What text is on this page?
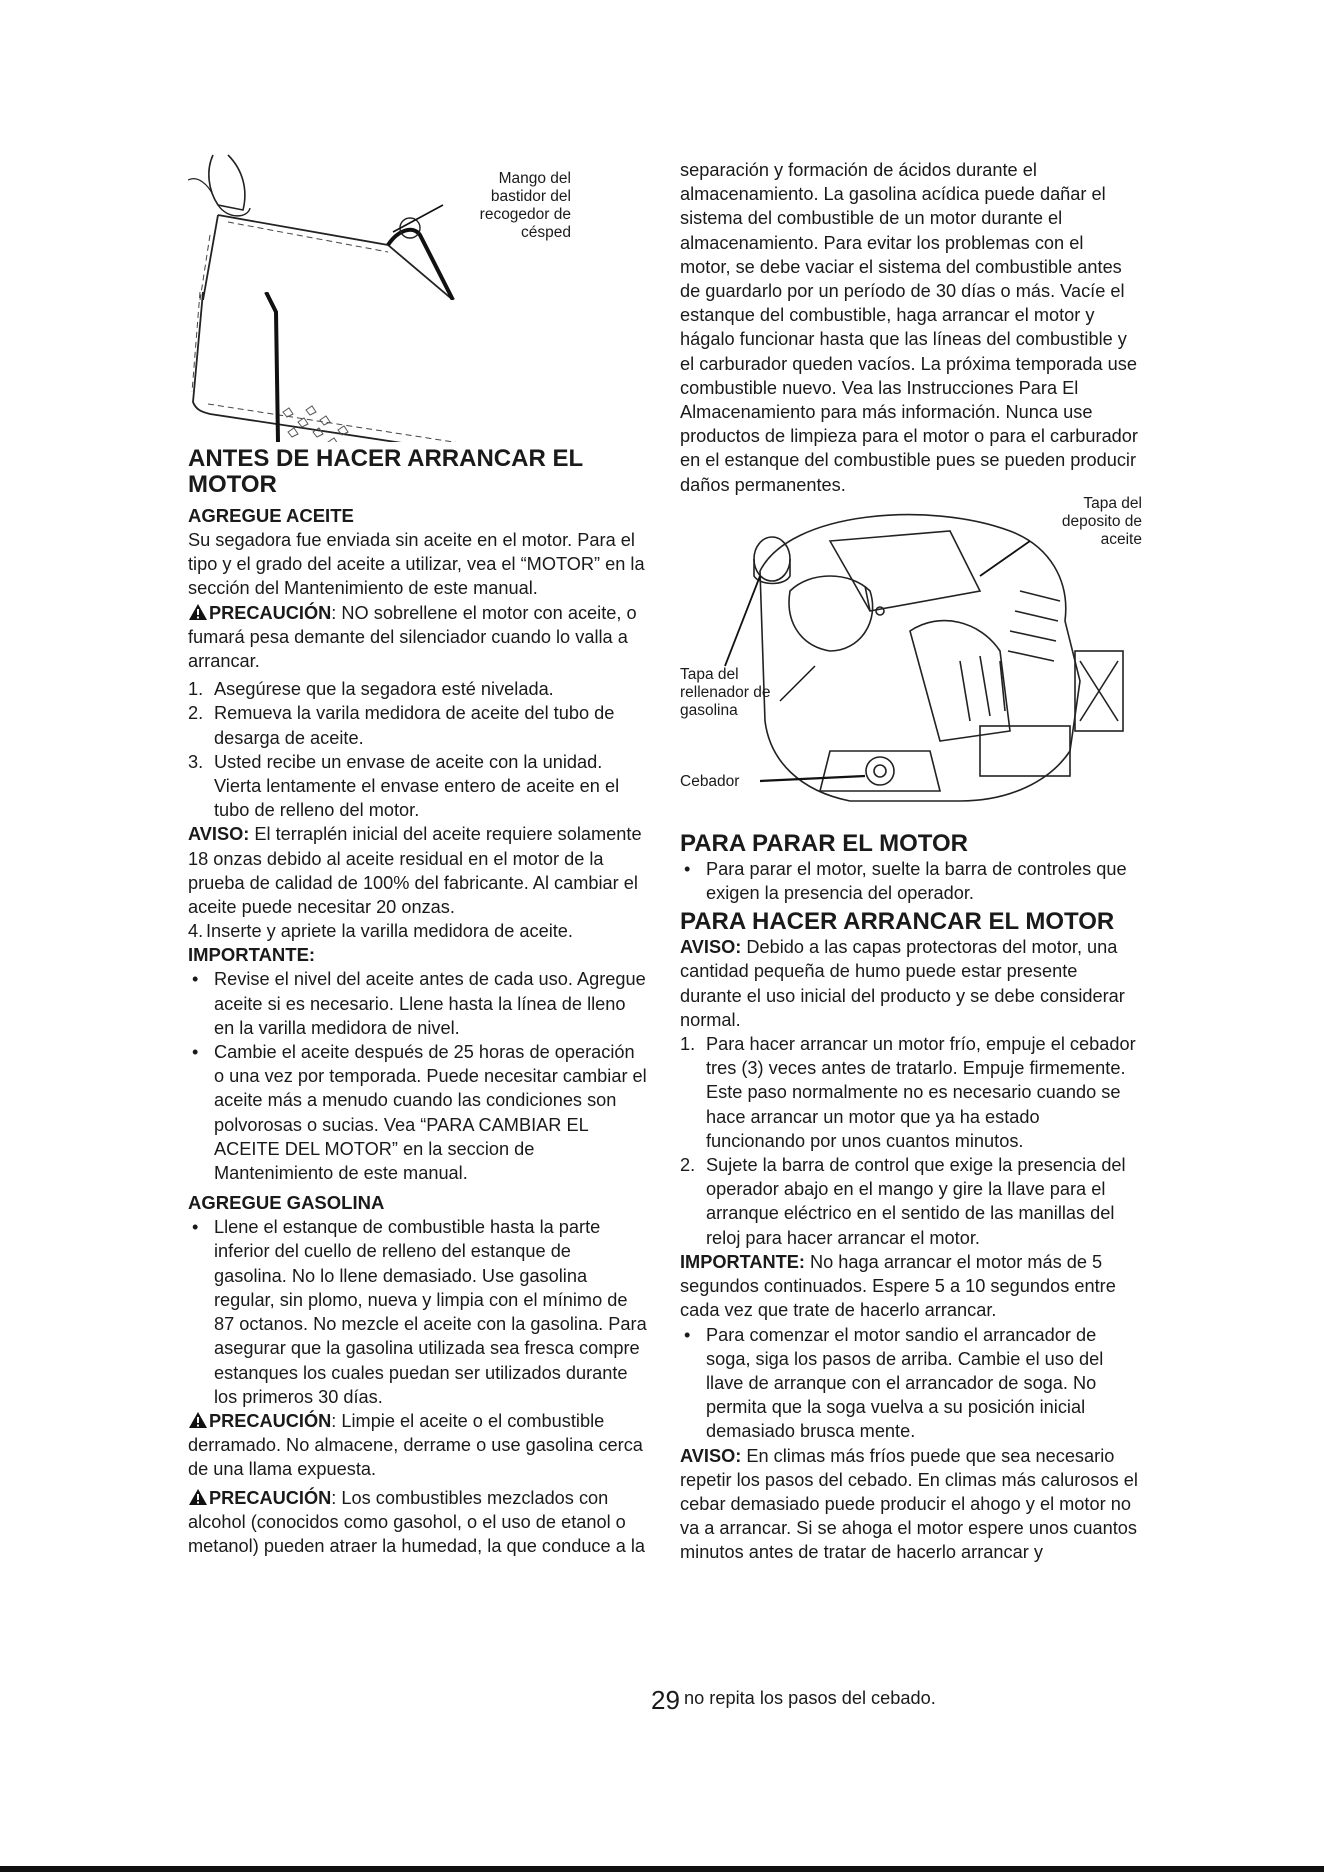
Mango del bastidor del recogedor de césped
ANTES DE HACER ARRANCAR EL MOTOR
AGREGUE ACEITE

Su segadora fue enviada sin aceite en el motor. Para el tipo y el grado del aceite a utilizar, vea el “MOTOR” en la sección del Mantenimiento de este manual.

PRECAUCIÓN: NO sobrellene el motor con aceite, o fumará pesa demante del silenciador cuando lo valla a arrancar.

1. Asegúrese que la segadora esté nivelada.
2. Remueva la varila medidora de aceite del tubo de desarga de aceite.
3. Usted recibe un envase de aceite con la unidad. Vierta lentamente el envase entero de aceite en el tubo de relleno del motor.

AVISO: El terraplén inicial del aceite requiere solamente 18 onzas debido al aceite residual en el motor de la prueba de calidad de 100% del fabricante. Al cambiar el aceite puede necesitar 20 onzas.

4. Inserte y apriete la varilla medidora de aceite.
IMPORTANTE:
• Revise el nivel del aceite antes de cada uso. Agregue aceite si es necesario. Llene hasta la línea de lleno en la varilla medidora de nivel.
• Cambie el aceite después de 25 horas de operación o una vez por temporada. Puede necesitar cambiar el aceite más a menudo cuando las condiciones son polvorosas o sucias. Vea “PARA CAMBIAR EL ACEITE DEL MOTOR” en la seccion de Mantenimiento de este manual.
AGREGUE GASOLINA
• Llene el estanque de combustible hasta la parte inferior del cuello de relleno del estanque de gasolina. No lo llene demasiado. Use gasolina regular, sin plomo, nueva y limpia con el mínimo de 87 octanos. No mezcle el aceite con la gasolina. Para asegurar que la gasolina utilizada sea fresca compre estanques los cuales puedan ser utilizados durante los primeros 30 días.

PRECAUCIÓN: Limpie el aceite o el combustible derramado. No almacene, derrame o use gasolina cerca de una llama expuesta.

PRECAUCIÓN: Los combustibles mezclados con alcohol (conocidos como gasohol, o el uso de etanol o metanol) pueden atraer la humedad, la que conduce a la

separación y formación de ácidos durante el almacenamiento. La gasolina acídica puede dañar el sistema del combustible de un motor durante el almacenamiento. Para evitar los problemas con el motor, se debe vaciar el sistema del combustible antes de guardarlo por un período de 30 días o más. Vacíe el estanque del combustible, haga arrancar el motor y hágalo funcionar hasta que las líneas del combustible y el carburador queden vacíos. La próxima temporada use combustible nuevo. Vea las Instrucciones Para El Almacenamiento para más información. Nunca use productos de limpieza para el motor o para el carburador en el estanque del combustible pues se pueden producir daños permanentes.

Tapa del deposito de aceite
Tapa del rellenador de gasolina
Cebador
PARA PARAR EL MOTOR
• Para parar el motor, suelte la barra de controles que exigen la presencia del operador.
PARA HACER ARRANCAR EL MOTOR

AVISO: Debido a las capas protectoras del motor, una cantidad pequeña de humo puede estar presente durante el uso inicial del producto y se debe considerar normal.

1. Para hacer arrancar un motor frío, empuje el cebador tres (3) veces antes de tratarlo. Empuje firmemente. Este paso normalmente no es necesario cuando se hace arrancar un motor que ya ha estado funcionando por unos cuantos minutos.
2. Sujete la barra de control que exige la presencia del operador abajo en el mango y gire la llave para el arranque eléctrico en el sentido de las manillas del reloj para hacer arrancar el motor.

IMPORTANTE: No haga arrancar el motor más de 5 segundos continuados. Espere 5 a 10 segundos entre cada vez que trate de hacerlo arrancar.

• Para comenzar el motor sandio el arrancador de soga, siga los pasos de arriba. Cambie el uso del llave de arranque con el arrancador de soga. No permita que la soga vuelva a su posición inicial demasiado brusca mente.

AVISO: En climas más fríos puede que sea necesario repetir los pasos del cebado. En climas más calurosos el cebar demasiado puede producir el ahogo y el motor no va a arrancar. Si se ahoga el motor espere unos cuantos minutos antes de tratar de hacerlo arrancar y

29 no repita los pasos del cebado.
